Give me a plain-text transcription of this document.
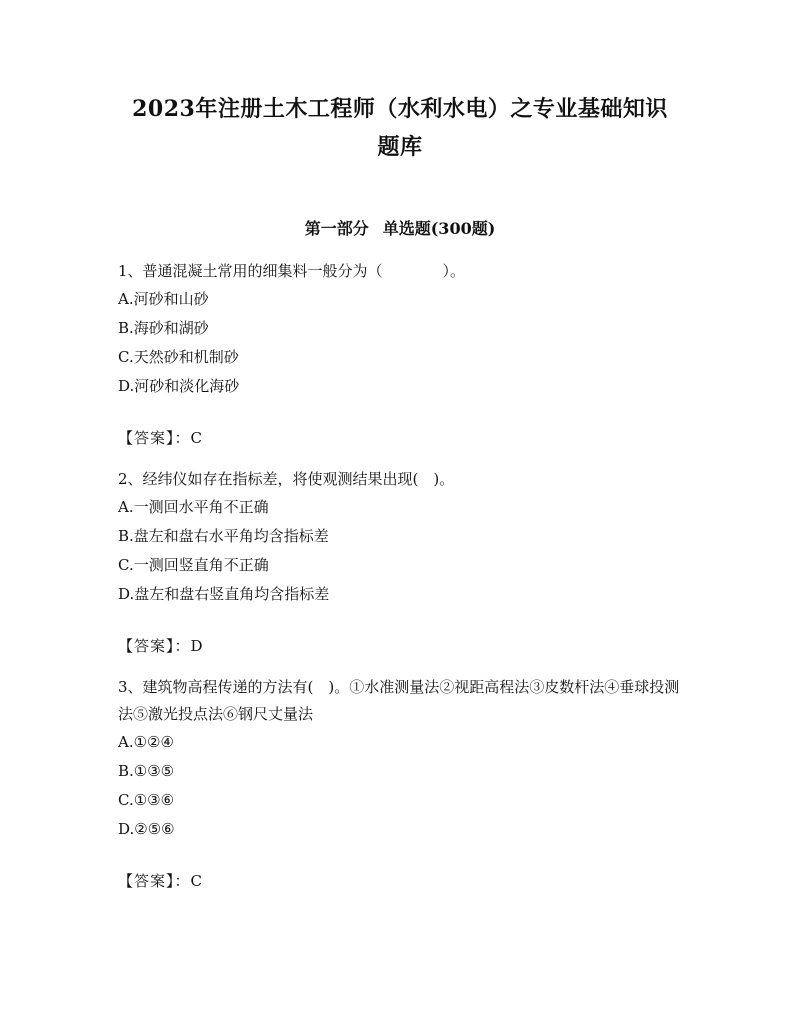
2023年注册土木工程师（水利水电）之专业基础知识
题库
第一部分 单选题(300题)

1、普通混凝土常用的细集料一般分为（　　　　）。

A.河砂和山砂

B.海砂和湖砂

C.天然砂和机制砂

D.河砂和淡化海砂

【答案】：C

2、经纬仪如存在指标差，将使观测结果出现(　)。

A.一测回水平角不正确

B.盘左和盘右水平角均含指标差

C.一测回竖直角不正确

D.盘左和盘右竖直角均含指标差

【答案】：D

3、建筑物高程传递的方法有(　)。①水准测量法②视距高程法③皮数杆法④垂球投测法⑤激光投点法⑥钢尺丈量法

A.①②④

B.①③⑤

C.①③⑥

D.②⑤⑥

【答案】：C
